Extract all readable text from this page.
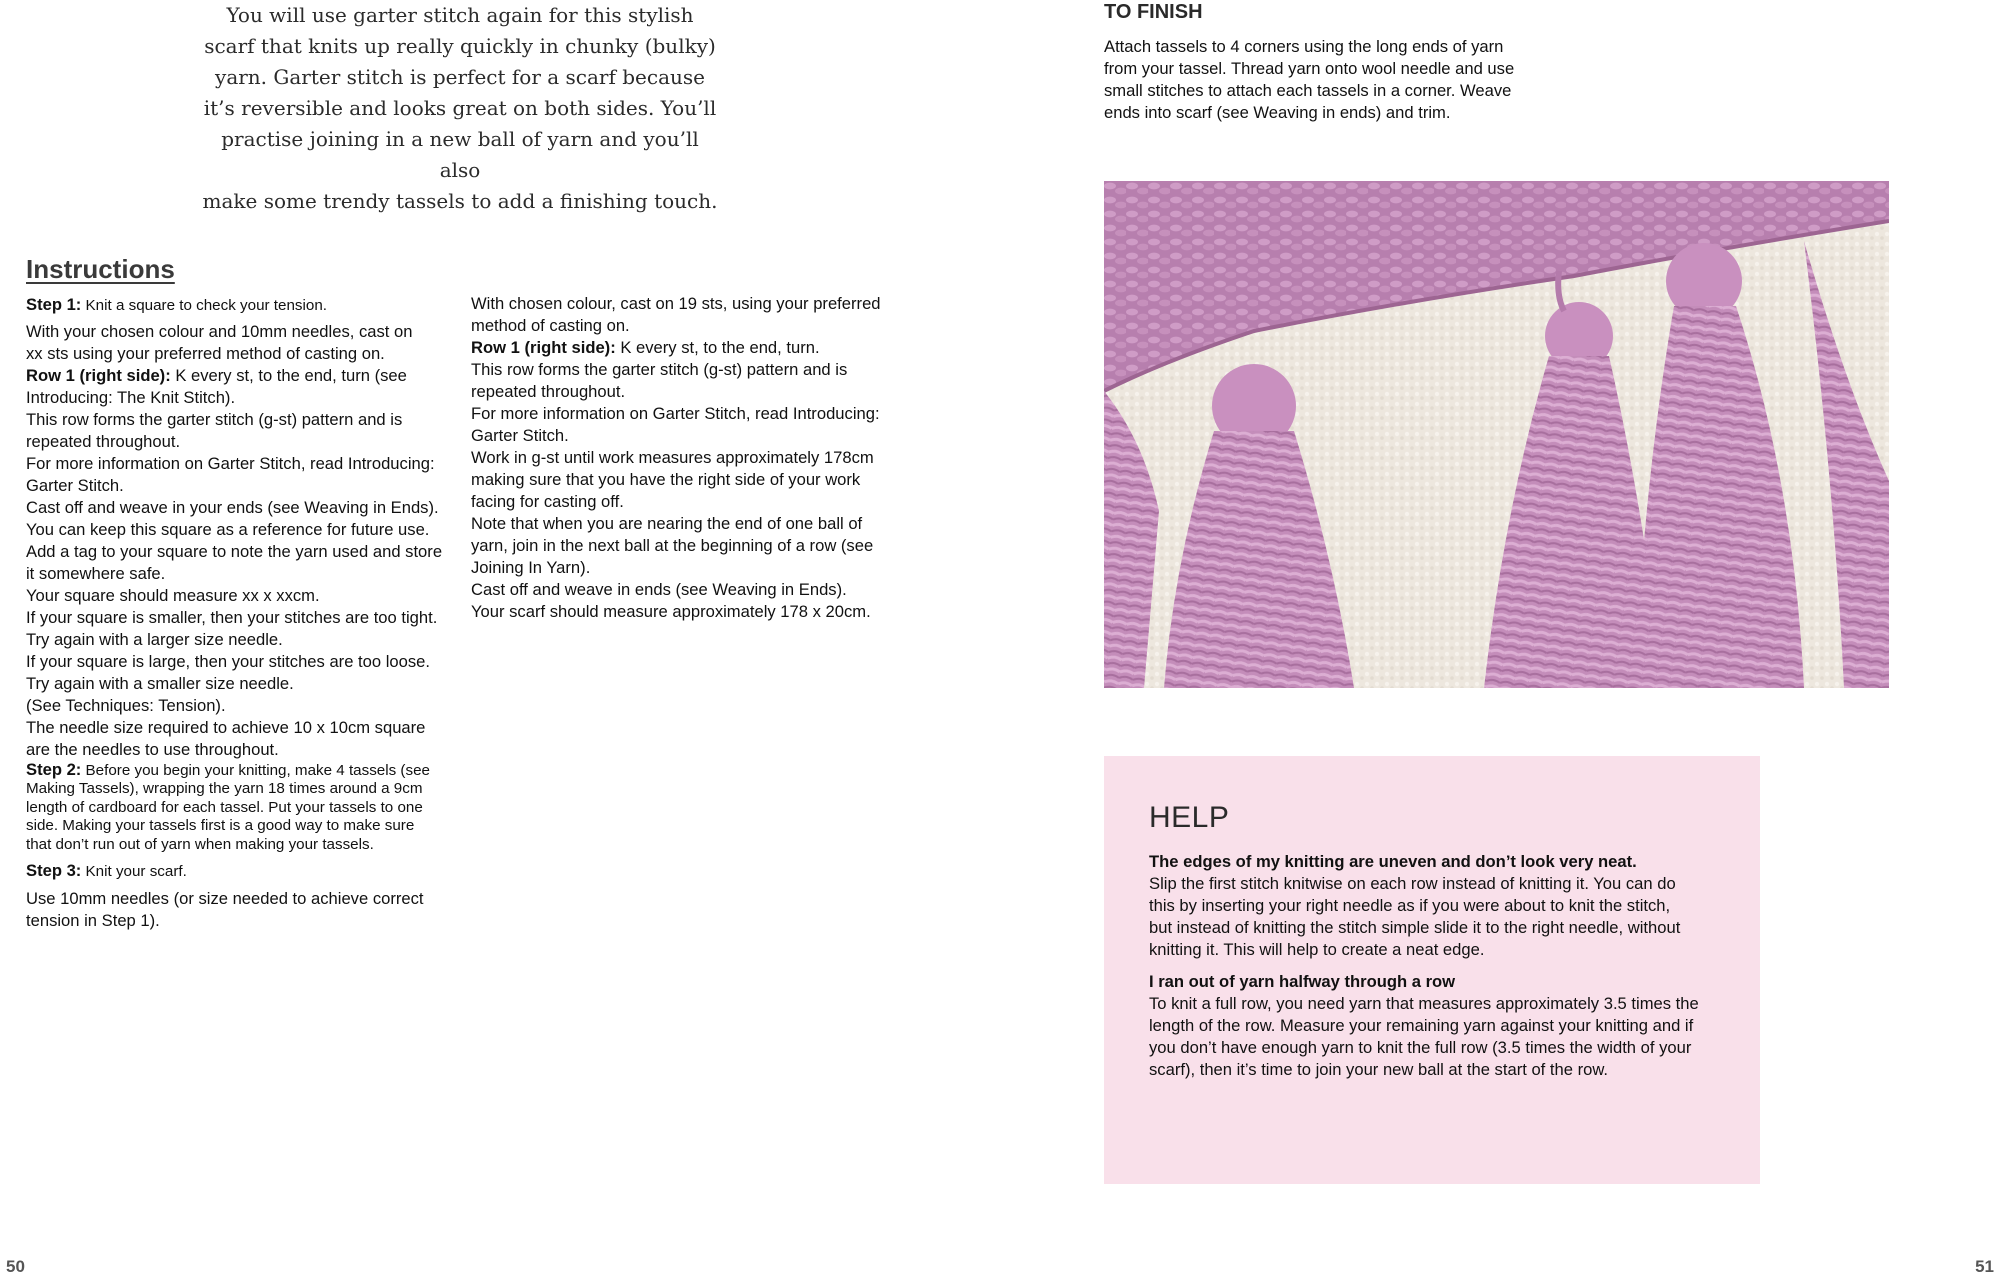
You will use garter stitch again for this stylish

scarf that knits up really quickly in chunky (bulky)

yarn. Garter stitch is perfect for a scarf because

it’s reversible and looks great on both sides. You’ll

practise joining in a new ball of yarn and you’ll also

make some trendy tassels to add a finishing touch.

Instructions
Step 1: Knit a square to check your tension.
With your chosen colour and 10mm needles, cast on
xx sts using your preferred method of casting on.
Row 1 (right side): K every st, to the end, turn (see
Introducing: The Knit Stitch).
This row forms the garter stitch (g-st) pattern and is
repeated throughout.
For more information on Garter Stitch, read Introducing:
Garter Stitch.
Cast off and weave in your ends (see Weaving in Ends).
You can keep this square as a reference for future use.
Add a tag to your square to note the yarn used and store
it somewhere safe.
Your square should measure xx x xxcm.
If your square is smaller, then your stitches are too tight.
Try again with a larger size needle.
If your square is large, then your stitches are too loose.
Try again with a smaller size needle.
(See Techniques: Tension).
The needle size required to achieve 10 x 10cm square
are the needles to use throughout.
Step 2: Before you begin your knitting, make 4 tassels (see
Making Tassels), wrapping the yarn 18 times around a 9cm
length of cardboard for each tassel. Put your tassels to one
side. Making your tassels first is a good way to make sure
that don’t run out of yarn when making your tassels.
Step 3: Knit your scarf.
Use 10mm needles (or size needed to achieve correct
tension in Step 1).
With chosen colour, cast on 19 sts, using your preferred
method of casting on.
Row 1 (right side): K every st, to the end, turn.
This row forms the garter stitch (g-st) pattern and is
repeated throughout.
For more information on Garter Stitch, read Introducing:
Garter Stitch.
Work in g-st until work measures approximately 178cm
making sure that you have the right side of your work
facing for casting off.
Note that when you are nearing the end of one ball of
yarn, join in the next ball at the beginning of a row (see
Joining In Yarn).
Cast off and weave in ends (see Weaving in Ends).
Your scarf should measure approximately 178 x 20cm.
TO FINISH
Attach tassels to 4 corners using the long ends of yarn
from your tassel. Thread yarn onto wool needle and use
small stitches to attach each tassels in a corner. Weave
ends into scarf (see Weaving in ends) and trim.
HELP
The edges of my knitting are uneven and don’t look very neat.
Slip the first stitch knitwise on each row instead of knitting it. You can do
this by inserting your right needle as if you were about to knit the stitch,
but instead of knitting the stitch simple slide it to the right needle, without
knitting it. This will help to create a neat edge.
I ran out of yarn halfway through a row
To knit a full row, you need yarn that measures approximately 3.5 times the
length of the row. Measure your remaining yarn against your knitting and if
you don’t have enough yarn to knit the full row (3.5 times the width of your
scarf), then it’s time to join your new ball at the start of the row.
50	51
